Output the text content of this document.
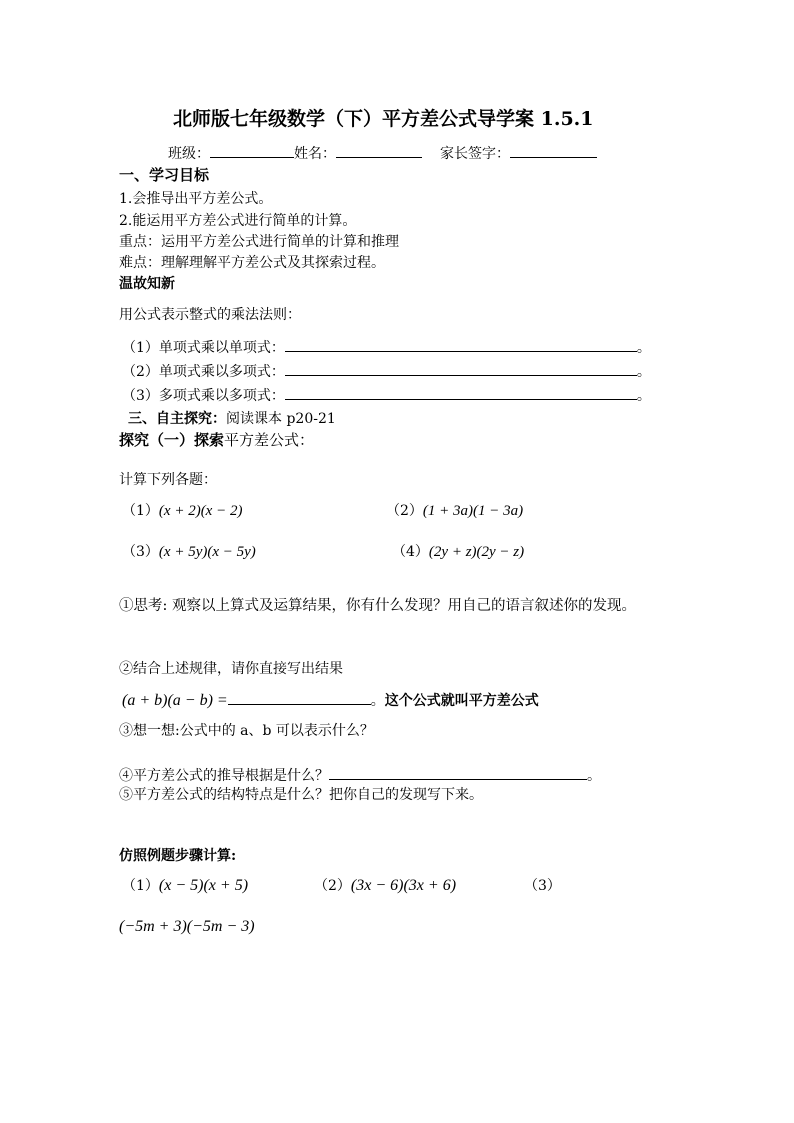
北师版七年级数学（下）平方差公式导学案 1.5.1
班级：	姓名：	家长签字：
一、学习目标
1.会推导出平方差公式。
2.能运用平方差公式进行简单的计算。
重点：运用平方差公式进行简单的计算和推理
难点：理解理解平方差公式及其探索过程。
温故知新
用公式表示整式的乘法法则：
（1）单项式乘以单项式：	。
（2）单项式乘以多项式：	。
（3）多项式乘以多项式：	。
三、自主探究：阅读课本 p20-21
探究（一）探索平方差公式：
计算下列各题：
（1）(x + 2)(x − 2)	（2）(1 + 3a)(1 − 3a)
（3）(x + 5y)(x − 5y)	（4）(2y + z)(2y − z)
①思考: 观察以上算式及运算结果，你有什么发现？用自己的语言叙述你的发现。
②结合上述规律，请你直接写出结果
(a + b)(a − b) =	。这个公式就叫平方差公式
③想一想:公式中的 a、b 可以表示什么？
④平方差公式的推导根据是什么？	。
⑤平方差公式的结构特点是什么？把你自己的发现写下来。
仿照例题步骤计算:
（1）(x − 5)(x + 5)	（2）(3x − 6)(3x + 6)	（3）
(−5m + 3)(−5m − 3)
